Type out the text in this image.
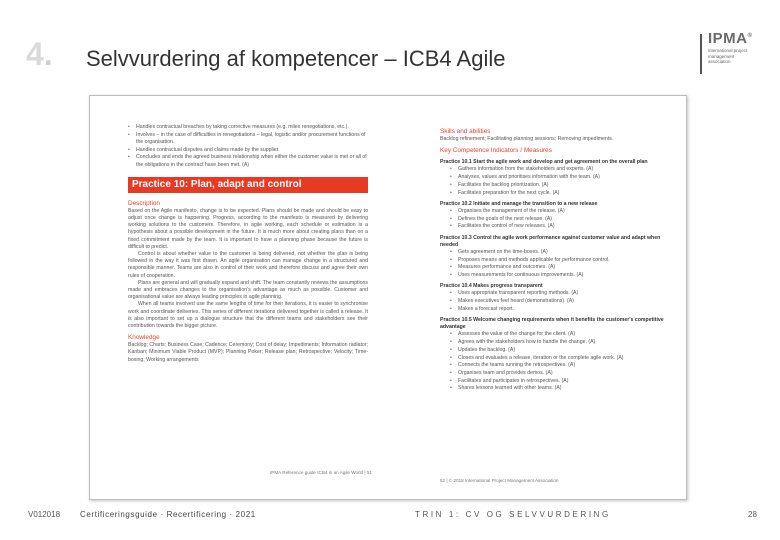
4. Selvvurdering af kompetencer – ICB4 Agile
IPMA®
international project management association
• Handles contractual breaches by taking corrective measures (e.g. miles renegotiations, etc.).
• Involves – in the case of difficulties in renegotiations – legal, logistic and/or procurement functions of the organisation.
• Handles contractual disputes and claims made by the supplier.
• Concludes and ends the agreed business relationship when either the customer value is met or all of the obligations in the contract have been met. (A)
Practice 10: Plan, adapt and control
Description
Based on the Agile manifesto, change is to be expected. Plans should be made and should be easy to adjust once change is happening. Progress, according to the manifesto is measured by delivering working solutions to the customers. Therefore, in agile working, each schedule or estimation is a hypothesis about a possible development in the future. It is much more about creating plans than on a fixed commitment made by the team. It is important to have a planning phase because the future is difficult to predict.
Control is about whether value to the customer is being delivered, not whether the plan is being followed in the way it was first drawn. An agile organisation can manage change in a structured and responsible manner. Teams are also in control of their work and therefore discuss and agree their own rules of cooperation.
Plans are general and will gradually expand and shift. The team constantly reviews the assumptions made and embraces changes to the organisation's advantage as much as possible. Customer and organisational value are always leading principles in agile planning.
When all teams involved use the same lengths of time for their iterations, it is easier to synchronise work and coordinate deliveries. This series of different iterations delivered together is called a release. It is also important to set up a dialogue structure that the different teams and stakeholders see their contribution towards the bigger picture.
Knowledge
Backlog; Charts; Business Case; Cadence; Ceremony; Cost of delay; Impediments; Information radiator; Kanban; Minimum Viable Product (MVP); Planning Poker; Release plan; Retrospective; Velocity; Time-boxing; Working arrangements
IPMA Reference guide ICB4 in an Agile World | 51
Skills and abilities
Backlog refinement; Facilitating planning sessions; Removing impediments.
Key Competence Indicators / Measures
Practice 10.1 Start the agile work and develop and get agreement on the overall plan
• Gathers information from the stakeholders and experts. (A)
• Analyses, values and prioritises information with the team. (A)
• Facilitates the backlog prioritization. (A)
• Facilitates preparation for the next cycle. (A)
Practice 10.2 Initiate and manage the transition to a new release
• Organises the management of the release. (A)
• Defines the goals of the next release. (A)
• Facilitates the control of new releases. (A)
Practice 10.3 Control the agile work performance against customer value and adapt when needed
• Gets agreement on the time-boxes. (A)
• Proposes means and methods applicable for performance control.
• Measures performance and outcomes. (A)
• Uses measurements for continuous improvements. (A)
Practice 10.4 Makes progress transparent
• Uses appropriate transparent reporting methods. (A)
• Makes executives feel heard (demonstrations). (A)
• Makes a forecast report.
Practice 10.5 Welcome changing requirements when it benefits the customer's competitive advantage
• Assesses the value of the change for the client. (A)
• Agrees with the stakeholders how to handle the change. (A)
• Updates the backlog. (A)
• Closes and evaluates a release, iteration or the complete agile work. (A)
• Connects the teams running the retrospectives. (A)
• Organises team and provides demos. (A)
• Facilitates and participates in retrospectives. (A)
• Shares lessons learned with other teams. (A)
52 | © 2018 International Project Management Association
V012018 Certificeringsguide · Recertificering · 2021	TRIN 1: CV OG SELVVURDERING	28
